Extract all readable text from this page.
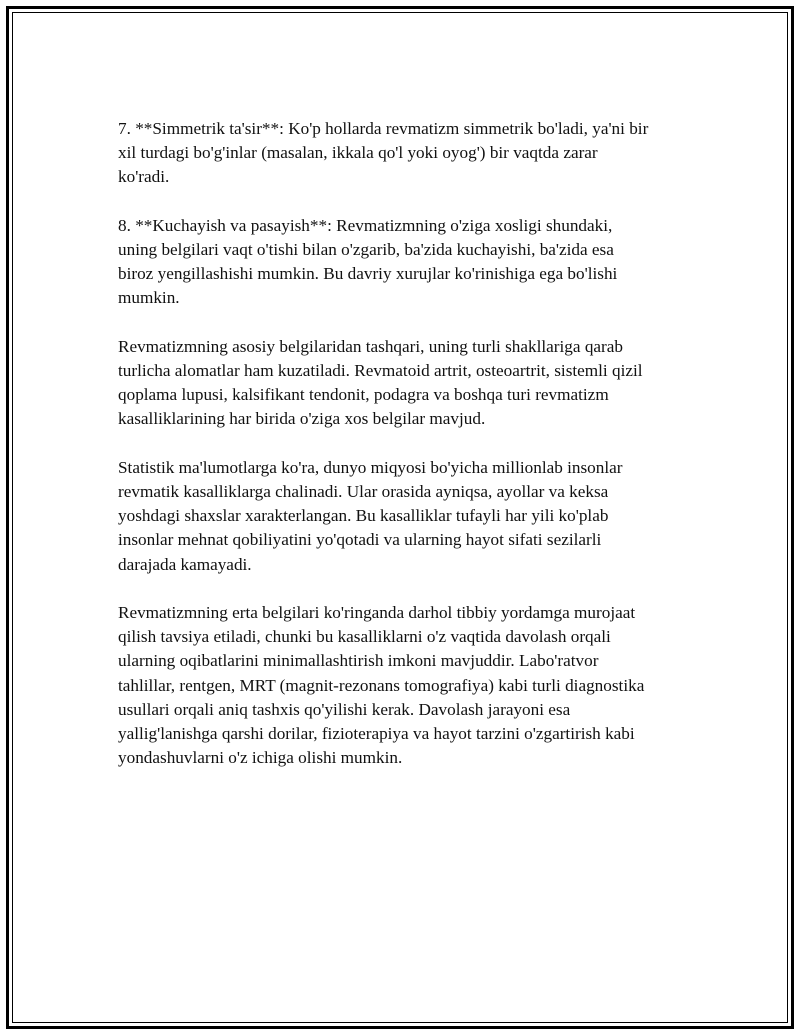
7. **Simmetrik ta'sir**: Ko'p hollarda revmatizm simmetrik bo'ladi, ya'ni bir
xil turdagi bo'g'inlar (masalan, ikkala qo'l yoki oyog') bir vaqtda zarar
ko'radi.

8. **Kuchayish va pasayish**: Revmatizmning o'ziga xosligi shundaki,
uning belgilari vaqt o'tishi bilan o'zgarib, ba'zida kuchayishi, ba'zida esa
biroz yengillashishi mumkin. Bu davriy xurujlar ko'rinishiga ega bo'lishi
mumkin.

Revmatizmning asosiy belgilaridan tashqari, uning turli shakllariga qarab
turlicha alomatlar ham kuzatiladi. Revmatoid artrit, osteoartrit, sistemli qizil
qoplama lupusi, kalsifikant tendonit, podagra va boshqa turi revmatizm
kasalliklarining har birida o'ziga xos belgilar mavjud.

Statistik ma'lumotlarga ko'ra, dunyo miqyosi bo'yicha millionlab insonlar
revmatik kasalliklarga chalinadi. Ular orasida ayniqsa, ayollar va keksa
yoshdagi shaxslar xarakterlangan. Bu kasalliklar tufayli har yili ko'plab
insonlar mehnat qobiliyatini yo'qotadi va ularning hayot sifati sezilarli
darajada kamayadi.

Revmatizmning erta belgilari ko'ringanda darhol tibbiy yordamga murojaat
qilish tavsiya etiladi, chunki bu kasalliklarni o'z vaqtida davolash orqali
ularning oqibatlarini minimallashtirish imkoni mavjuddir. Labo'ratvor
tahlillar, rentgen, MRT (magnit-rezonans tomografiya) kabi turli diagnostika
usullari orqali aniq tashxis qo'yilishi kerak. Davolash jarayoni esa
yallig'lanishga qarshi dorilar, fizioterapiya va hayot tarzini o'zgartirish kabi
yondashuvlarni o'z ichiga olishi mumkin.
